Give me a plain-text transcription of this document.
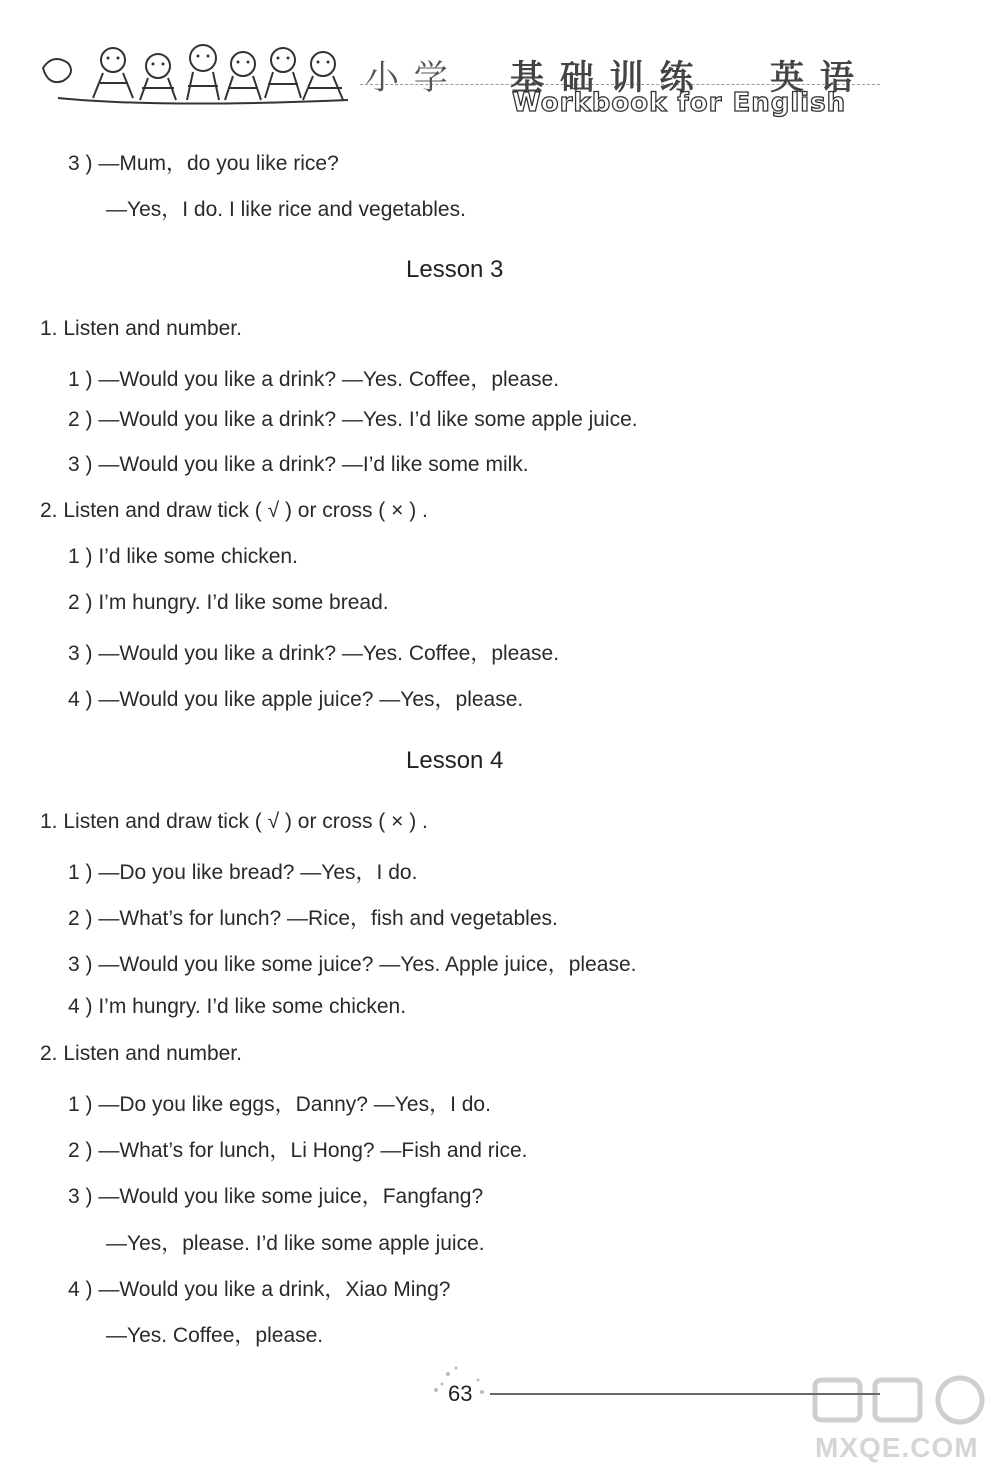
小 学 基 础 训 练 英 语
Workbook for English
3 ) —Mum，do you like rice?
—Yes，I do. I like rice and vegetables.
Lesson 3
1. Listen and number.
1 ) —Would you like a drink? —Yes. Coffee，please.
2 ) —Would you like a drink? —Yes. I’d like some apple juice.
3 ) —Would you like a drink? —I’d like some milk.
2. Listen and draw tick ( √ ) or cross ( × ) .
1 ) I’d like some chicken.
2 ) I’m hungry. I’d like some bread.
3 ) —Would you like a drink? —Yes. Coffee，please.
4 ) —Would you like apple juice? —Yes，please.
Lesson 4
1. Listen and draw tick ( √ ) or cross ( × ) .
1 ) —Do you like bread? —Yes，I do.
2 ) —What’s for lunch? —Rice，fish and vegetables.
3 ) —Would you like some juice? —Yes. Apple juice，please.
4 ) I’m hungry. I’d like some chicken.
2. Listen and number.
1 ) —Do you like eggs，Danny? —Yes，I do.
2 ) —What’s for lunch，Li Hong? —Fish and rice.
3 ) —Would you like some juice，Fangfang?
—Yes，please. I’d like some apple juice.
4 ) —Would you like a drink，Xiao Ming?
—Yes. Coffee，please.
63
MXQE.COM
